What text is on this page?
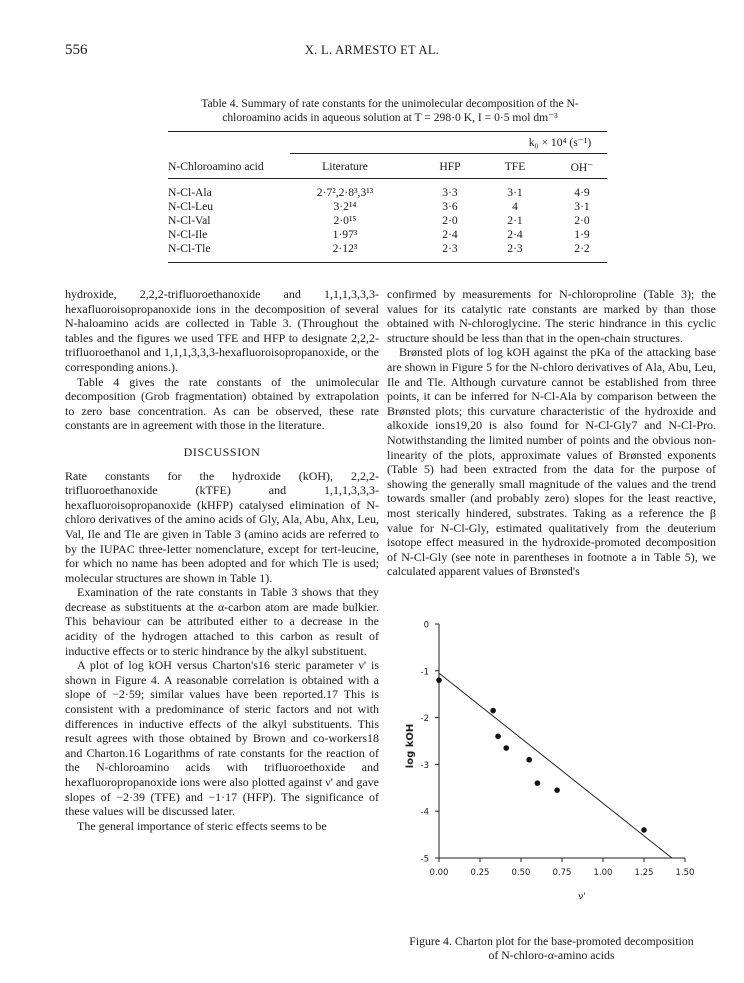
556	X. L. ARMESTO ET AL.
Table 4. Summary of rate constants for the unimolecular decomposition of the N-
chloroamino acids in aqueous solution at T = 298·0 K, I = 0·5 mol dm⁻³
k₀ × 10⁴ (s⁻¹)
N-Chloroamino acid	Literature	HFP	TFE	OH⁻
N-Cl-Ala	2·7²,2·8³,3¹³	3·3	3·1	4·9
N-Cl-Leu	3·2¹⁴	3·6	4	3·1
N-Cl-Val	2·0¹⁵	2·0	2·1	2·0
N-Cl-Ile	1·97³	2·4	2·4	1·9
N-Cl-Tle	2·12³	2·3	2·3	2·2

hydroxide, 2,2,2-trifluoroethanoxide and 1,1,1,3,3,3-hexafluoroisopropanoxide ions in the decomposition of several N-haloamino acids are collected in Table 3. (Throughout the tables and the figures we used TFE and HFP to designate 2,2,2-trifluoroethanol and 1,1,1,3,3,3-hexafluoroisopropanoxide, or the corresponding anions.).

Table 4 gives the rate constants of the unimolecular decomposition (Grob fragmentation) obtained by extrapolation to zero base concentration. As can be observed, these rate constants are in agreement with those in the literature.

DISCUSSION

Rate constants for the hydroxide (kOH), 2,2,2-trifluoroethanoxide (kTFE) and 1,1,1,3,3,3-hexafluoroisopropanoxide (kHFP) catalysed elimination of N-chloro derivatives of the amino acids of Gly, Ala, Abu, Ahx, Leu, Val, Ile and Tle are given in Table 3 (amino acids are referred to by the IUPAC three-letter nomenclature, except for tert-leucine, for which no name has been adopted and for which Tle is used; molecular structures are shown in Table 1).

Examination of the rate constants in Table 3 shows that they decrease as substituents at the α-carbon atom are made bulkier. This behaviour can be attributed either to a decrease in the acidity of the hydrogen attached to this carbon as result of inductive effects or to steric hindrance by the alkyl substituent.

A plot of log kOH versus Charton's16 steric parameter ν' is shown in Figure 4. A reasonable correlation is obtained with a slope of −2·59; similar values have been reported.17 This is consistent with a predominance of steric factors and not with differences in inductive effects of the alkyl substituents. This result agrees with those obtained by Brown and co-workers18 and Charton.16 Logarithms of rate constants for the reaction of the N-chloroamino acids with trifluoroethoxide and hexafluoropropanoxide ions were also plotted against ν' and gave slopes of −2·39 (TFE) and −1·17 (HFP). The significance of these values will be discussed later.

The general importance of steric effects seems to be

confirmed by measurements for N-chloroproline (Table 3); the values for its catalytic rate constants are marked by than those obtained with N-chloroglycine. The steric hindrance in this cyclic structure should be less than that in the open-chain structures.

Brønsted plots of log kOH against the pKa of the attacking base are shown in Figure 5 for the N-chloro derivatives of Ala, Abu, Leu, Ile and Tle. Although curvature cannot be established from three points, it can be inferred for N-Cl-Ala by comparison between the Brønsted plots; this curvature characteristic of the hydroxide and alkoxide ions19,20 is also found for N-Cl-Gly7 and N-Cl-Pro. Notwithstanding the limited number of points and the obvious non-linearity of the plots, approximate values of Brønsted exponents (Table 5) had been extracted from the data for the purpose of showing the generally small magnitude of the values and the trend towards smaller (and probably zero) slopes for the least reactive, most sterically hindered, substrates. Taking as a reference the β value for N-Cl-Gly, estimated qualitatively from the deuterium isotope effect measured in the hydroxide-promoted decomposition of N-Cl-Gly (see note in parentheses in footnote a in Table 5), we calculated apparent values of Brønsted's

0
-1
-2
-3
-4
-5
0.00	0.25	0.50	0.75	1.00	1.25	1.50
ν'
log kOH
Figure 4. Charton plot for the base-promoted decomposition
of N-chloro-α-amino acids
